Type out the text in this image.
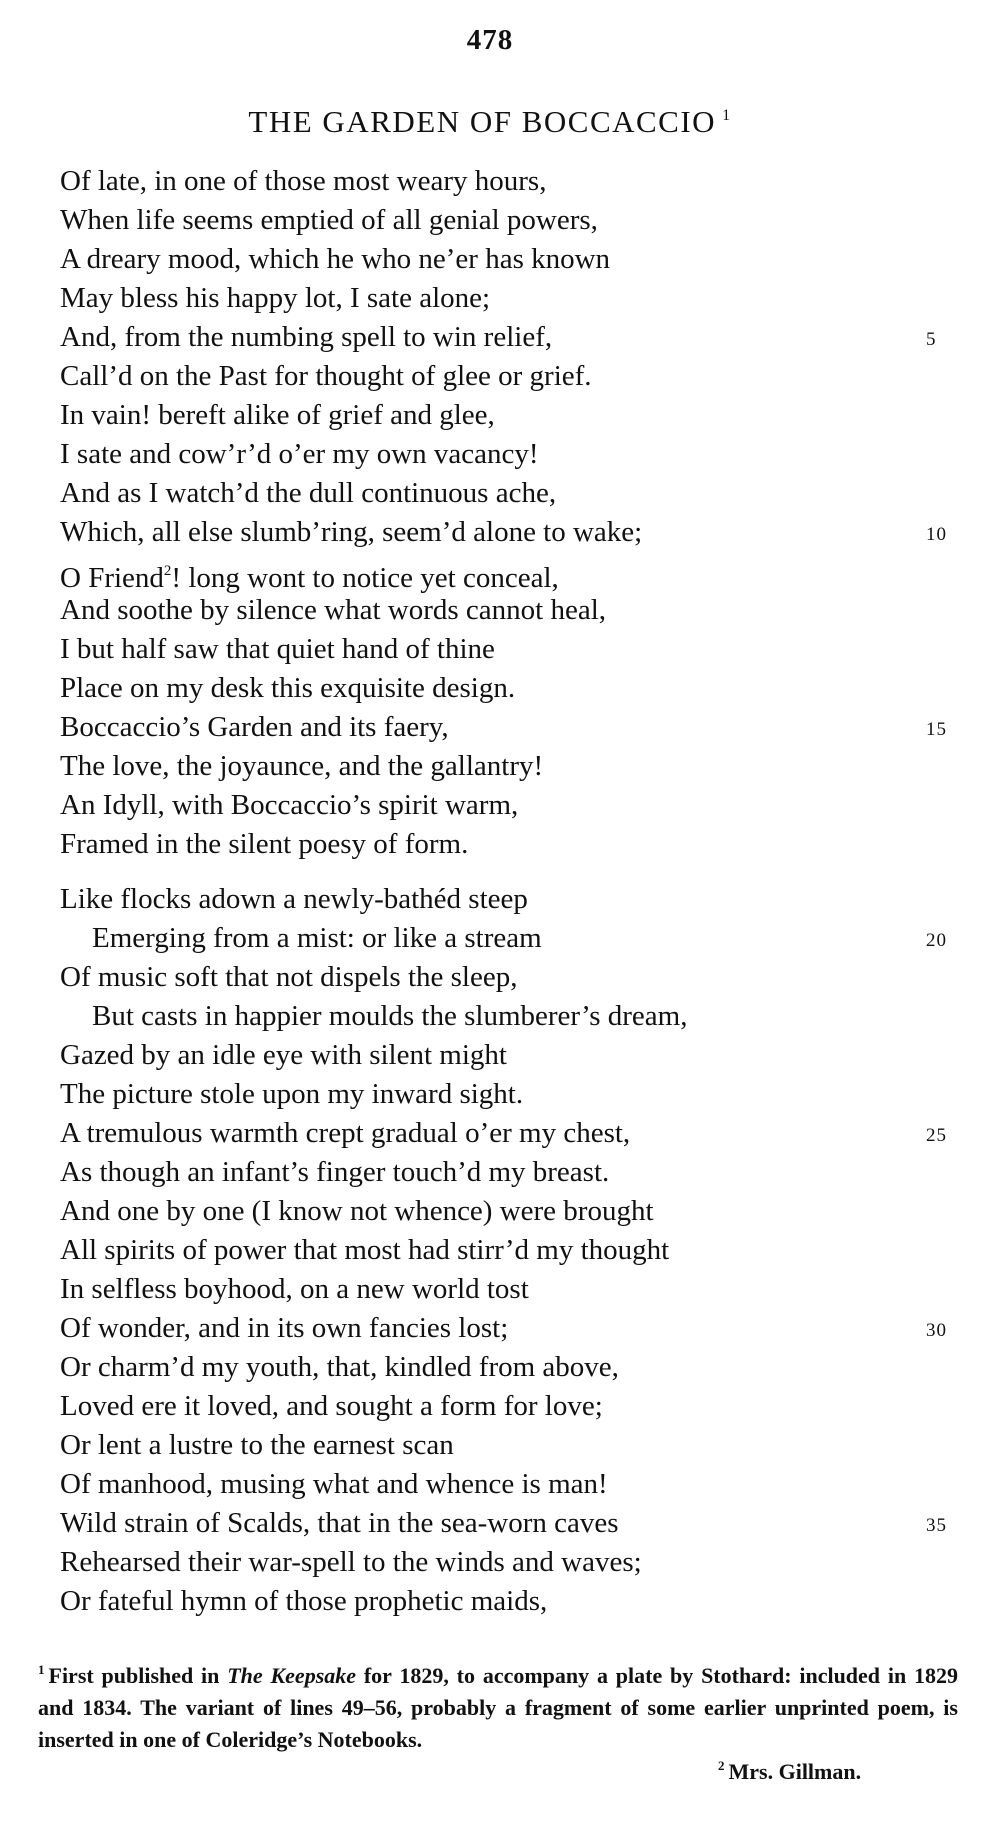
478
THE GARDEN OF BOCCACCIO $^1$
Of late, in one of those most weary hours,
When life seems emptied of all genial powers,
A dreary mood, which he who ne’er has known
May bless his happy lot, I sate alone;
And, from the numbing spell to win relief,	5
Call’d on the Past for thought of glee or grief.
In vain! bereft alike of grief and glee,
I sate and cow’r’d o’er my own vacancy!
And as I watch’d the dull continuous ache,
Which, all else slumb’ring, seem’d alone to wake;	10
O Friend$^2$! long wont to notice yet conceal,
And soothe by silence what words cannot heal,
I but half saw that quiet hand of thine
Place on my desk this exquisite design.
Boccaccio’s Garden and its faery,	15
The love, the joyaunce, and the gallantry!
An Idyll, with Boccaccio’s spirit warm,
Framed in the silent poesy of form.
Like flocks adown a newly-bathéd steep
Emerging from a mist: or like a stream	20
Of music soft that not dispels the sleep,
But casts in happier moulds the slumberer’s dream,
Gazed by an idle eye with silent might
The picture stole upon my inward sight.
A tremulous warmth crept gradual o’er my chest,	25
As though an infant’s finger touch’d my breast.
And one by one (I know not whence) were brought
All spirits of power that most had stirr’d my thought
In selfless boyhood, on a new world tost
Of wonder, and in its own fancies lost;	30
Or charm’d my youth, that, kindled from above,
Loved ere it loved, and sought a form for love;
Or lent a lustre to the earnest scan
Of manhood, musing what and whence is man!
Wild strain of Scalds, that in the sea-worn caves	35
Rehearsed their war-spell to the winds and waves;
Or fateful hymn of those prophetic maids,
$^1$ First published in The Keepsake for 1829, to accompany a plate by Stothard: included in 1829 and 1834. The variant of lines 49–56, probably a fragment of some earlier unprinted poem, is inserted in one of Coleridge’s Notebooks.
$^2$ Mrs. Gillman.
